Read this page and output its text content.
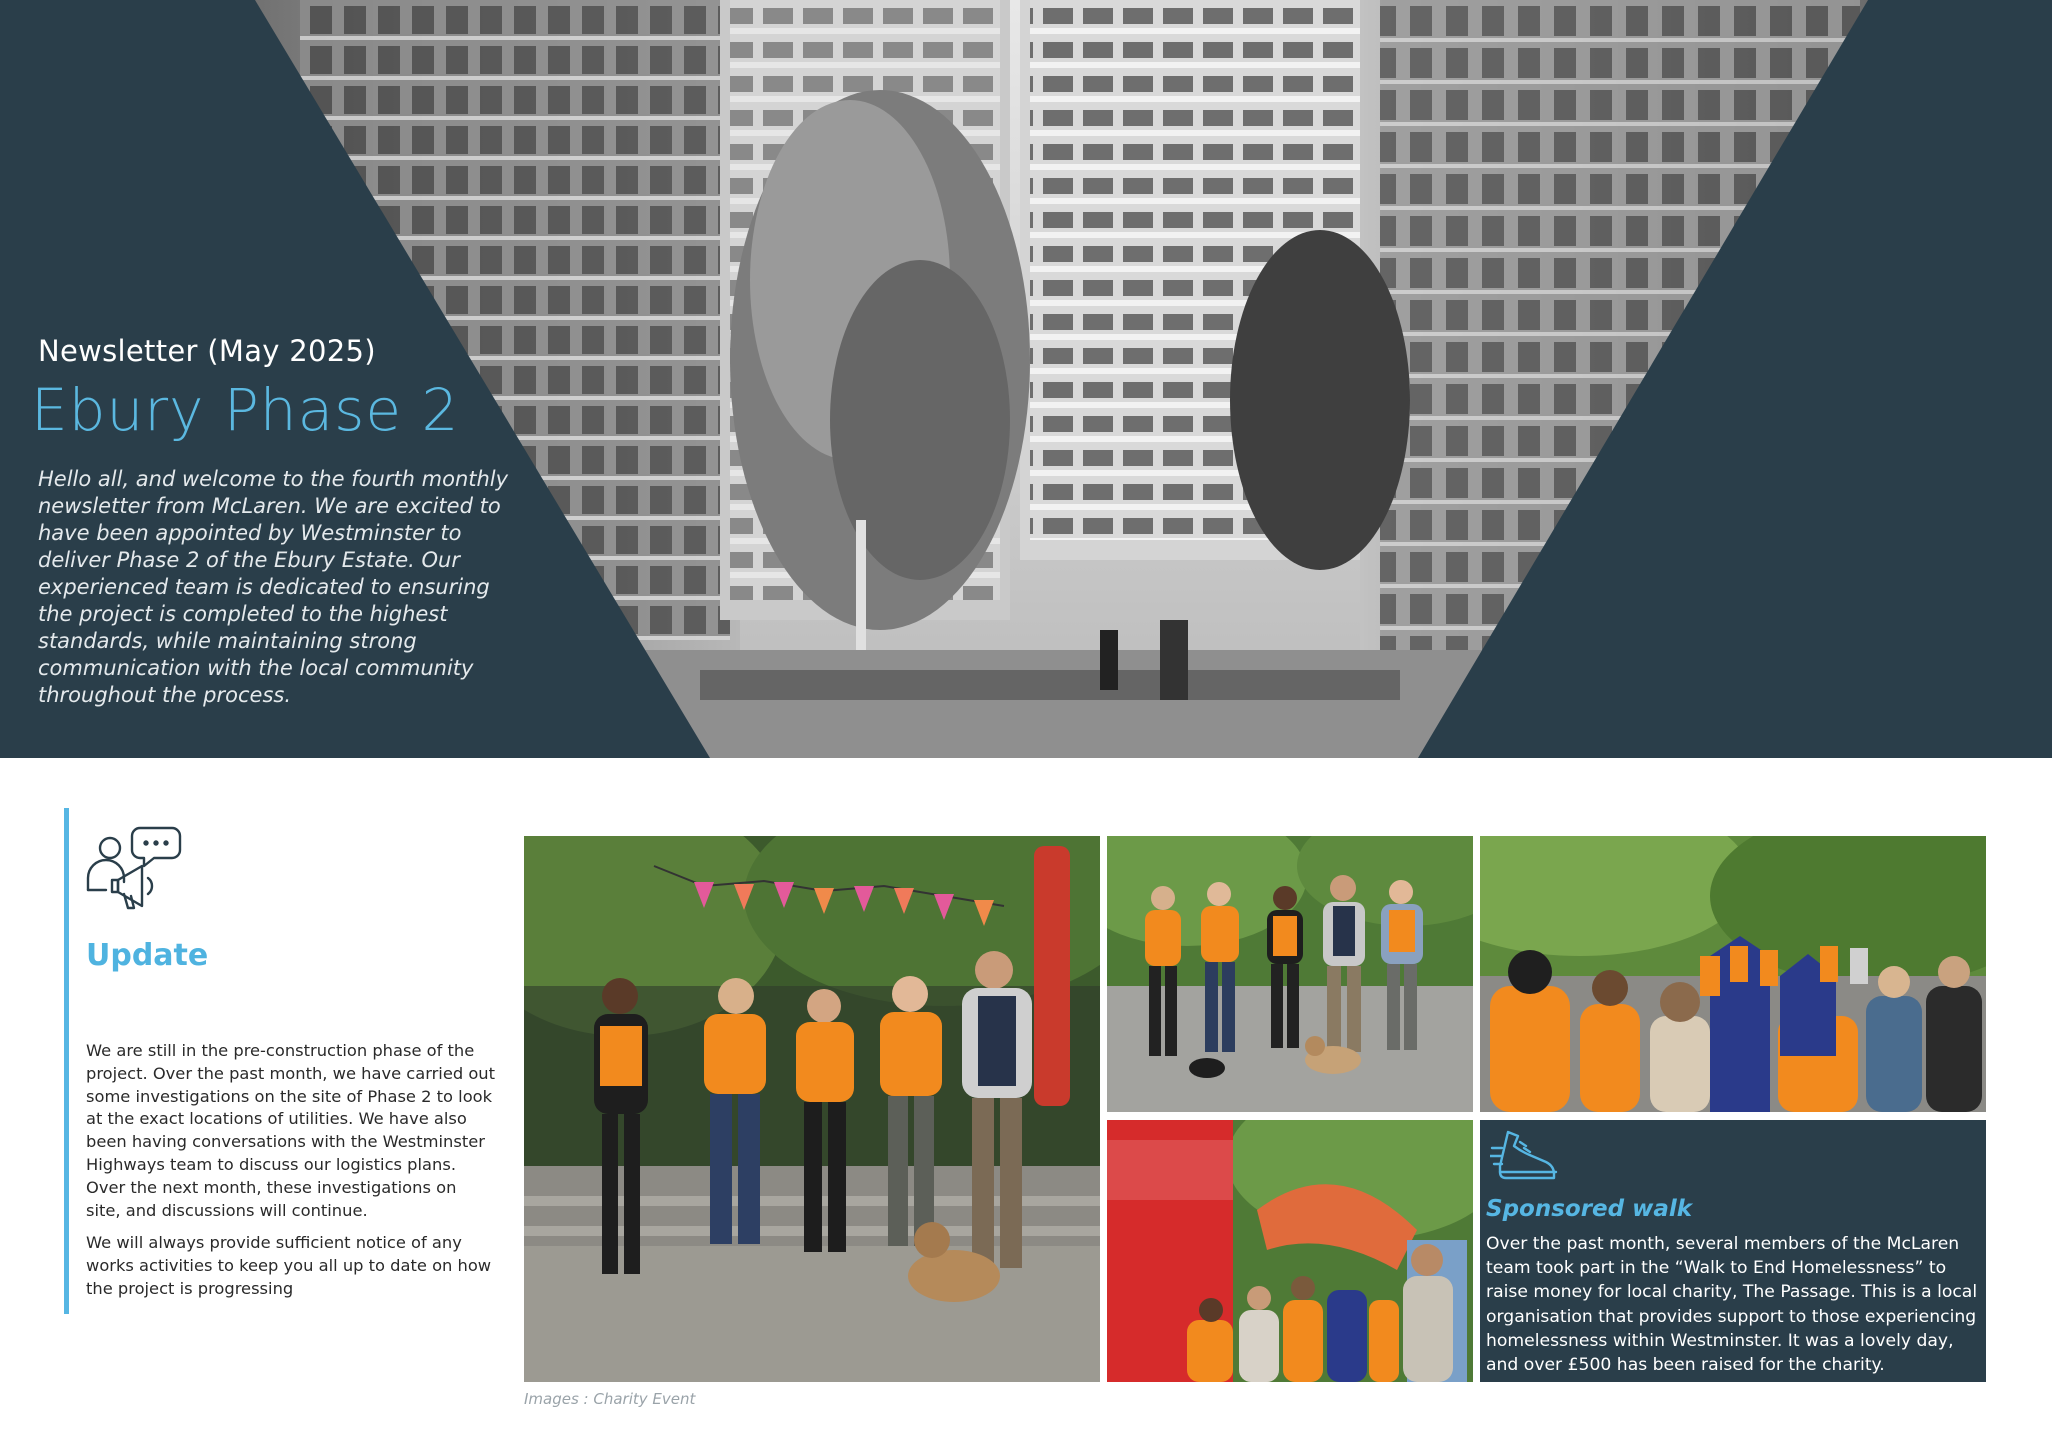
Newsletter (May 2025)
Ebury Phase 2
Hello all, and welcome to the fourth monthly newsletter from McLaren. We are excited to have been appointed by Westminster to deliver Phase 2 of the Ebury Estate. Our experienced team is dedicated to ensuring the project is completed to the highest standards, while maintaining strong communication with the local community throughout the process.
Update

We are still in the pre-construction phase of the project. Over the past month, we have carried out some investigations on the site of Phase 2 to look at the exact locations of utilities. We have also been having conversations with the Westminster Highways team to discuss our logistics plans. Over the next month, these investigations on site, and discussions will continue.

We will always provide sufficient notice of any works activities to keep you all up to date on how the project is progressing

Images : Charity Event
Sponsored walk
Over the past month, several members of the McLaren team took part in the “Walk to End Homelessness” to raise money for local charity, The Passage. This is a local organisation that provides support to those experiencing homelessness within Westminster. It was a lovely day, and over £500 has been raised for the charity.
